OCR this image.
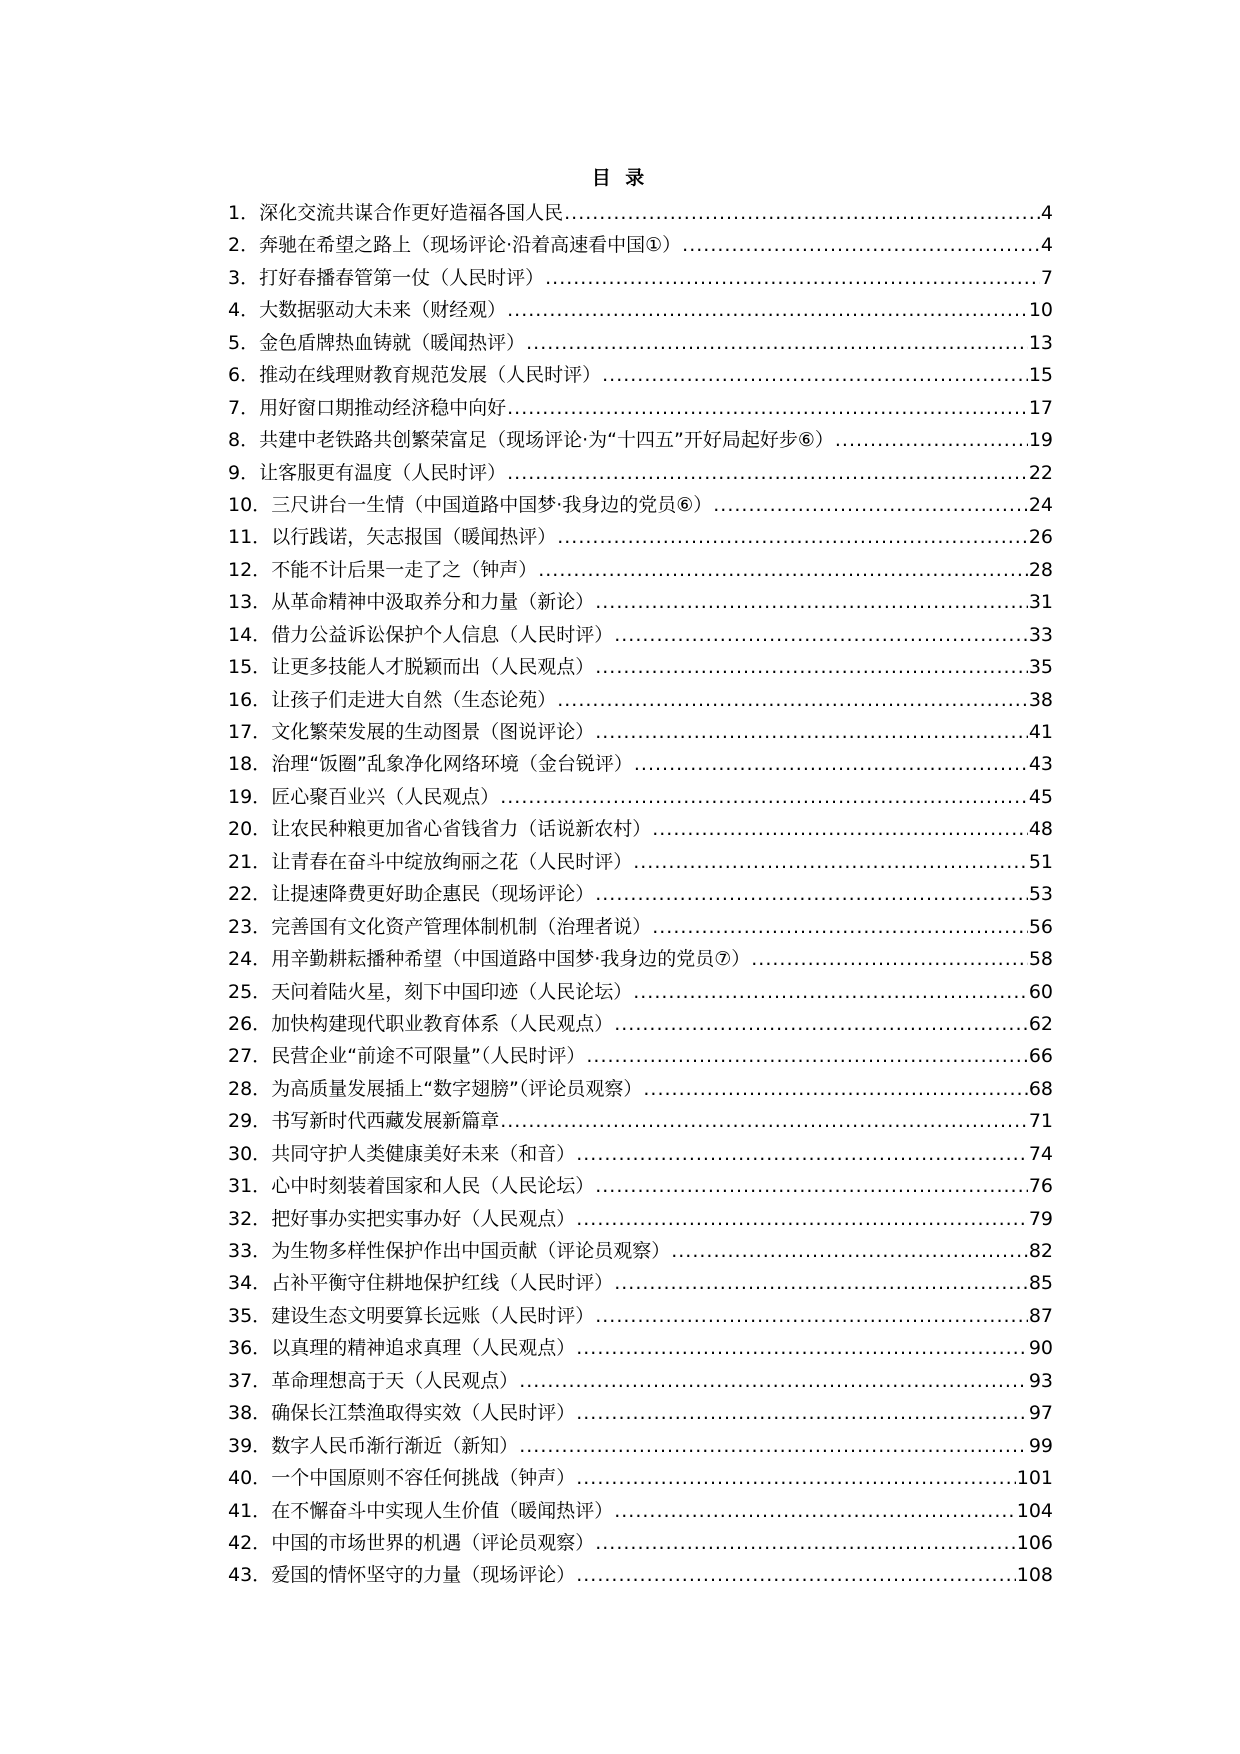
目 录
1． 深化交流共谋合作更好造福各国人民 .....	4
2． 奔驰在希望之路上（现场评论·沿着高速看中国①） .....	4
3． 打好春播春管第一仗（人民时评） .....	7
4． 大数据驱动大未来（财经观） .....	10
5． 金色盾牌热血铸就（暖闻热评） .....	13
6． 推动在线理财教育规范发展（人民时评） .....	15
7． 用好窗口期推动经济稳中向好 .....	17
8． 共建中老铁路共创繁荣富足（现场评论·为“十四五”开好局起好步⑥） .....	19
9． 让客服更有温度（人民时评） .....	22
10． 三尺讲台一生情（中国道路中国梦·我身边的党员⑥） .....	24
11． 以行践诺，矢志报国（暖闻热评） .....	26
12． 不能不计后果一走了之（钟声） .....	28
13． 从革命精神中汲取养分和力量（新论） .....	31
14． 借力公益诉讼保护个人信息（人民时评） .....	33
15． 让更多技能人才脱颖而出（人民观点） .....	35
16． 让孩子们走进大自然（生态论苑） .....	38
17． 文化繁荣发展的生动图景（图说评论） .....	41
18． 治理“饭圈”乱象净化网络环境（金台锐评） .....	43
19． 匠心聚百业兴（人民观点） .....	45
20． 让农民种粮更加省心省钱省力（话说新农村） .....	48
21． 让青春在奋斗中绽放绚丽之花（人民时评） .....	51
22． 让提速降费更好助企惠民（现场评论） .....	53
23． 完善国有文化资产管理体制机制（治理者说） .....	56
24． 用辛勤耕耘播种希望（中国道路中国梦·我身边的党员⑦） .....	58
25． 天问着陆火星，刻下中国印迹（人民论坛） .....	60
26． 加快构建现代职业教育体系（人民观点） .....	62
27． 民营企业“前途不可限量”（人民时评） .....	66
28． 为高质量发展插上“数字翅膀”（评论员观察） .....	68
29． 书写新时代西藏发展新篇章 .....	71
30． 共同守护人类健康美好未来（和音） .....	74
31． 心中时刻装着国家和人民（人民论坛） .....	76
32． 把好事办实把实事办好（人民观点） .....	79
33． 为生物多样性保护作出中国贡献（评论员观察） .....	82
34． 占补平衡守住耕地保护红线（人民时评） .....	85
35． 建设生态文明要算长远账（人民时评） .....	87
36． 以真理的精神追求真理（人民观点） .....	90
37． 革命理想高于天（人民观点） .....	93
38． 确保长江禁渔取得实效（人民时评） .....	97
39． 数字人民币渐行渐近（新知） .....	99
40． 一个中国原则不容任何挑战（钟声） .....	101
41． 在不懈奋斗中实现人生价值（暖闻热评） .....	104
42． 中国的市场世界的机遇（评论员观察） .....	106
43． 爱国的情怀坚守的力量（现场评论） .....	108
